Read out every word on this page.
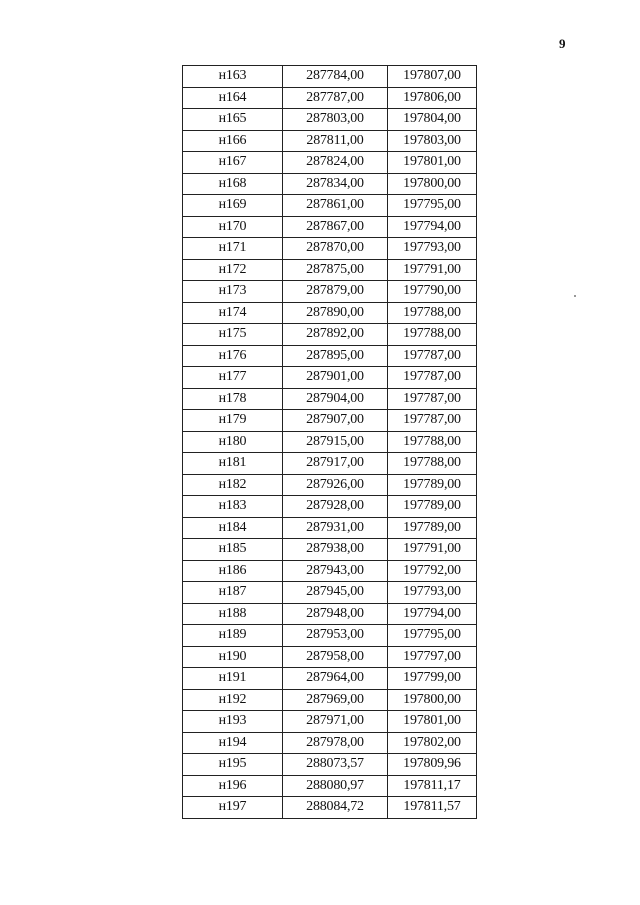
9
н163	287784,00	197807,00
н164	287787,00	197806,00
н165	287803,00	197804,00
н166	287811,00	197803,00
н167	287824,00	197801,00
н168	287834,00	197800,00
н169	287861,00	197795,00
н170	287867,00	197794,00
н171	287870,00	197793,00
н172	287875,00	197791,00
н173	287879,00	197790,00
н174	287890,00	197788,00
н175	287892,00	197788,00
н176	287895,00	197787,00
н177	287901,00	197787,00
н178	287904,00	197787,00
н179	287907,00	197787,00
н180	287915,00	197788,00
н181	287917,00	197788,00
н182	287926,00	197789,00
н183	287928,00	197789,00
н184	287931,00	197789,00
н185	287938,00	197791,00
н186	287943,00	197792,00
н187	287945,00	197793,00
н188	287948,00	197794,00
н189	287953,00	197795,00
н190	287958,00	197797,00
н191	287964,00	197799,00
н192	287969,00	197800,00
н193	287971,00	197801,00
н194	287978,00	197802,00
н195	288073,57	197809,96
н196	288080,97	197811,17
н197	288084,72	197811,57
